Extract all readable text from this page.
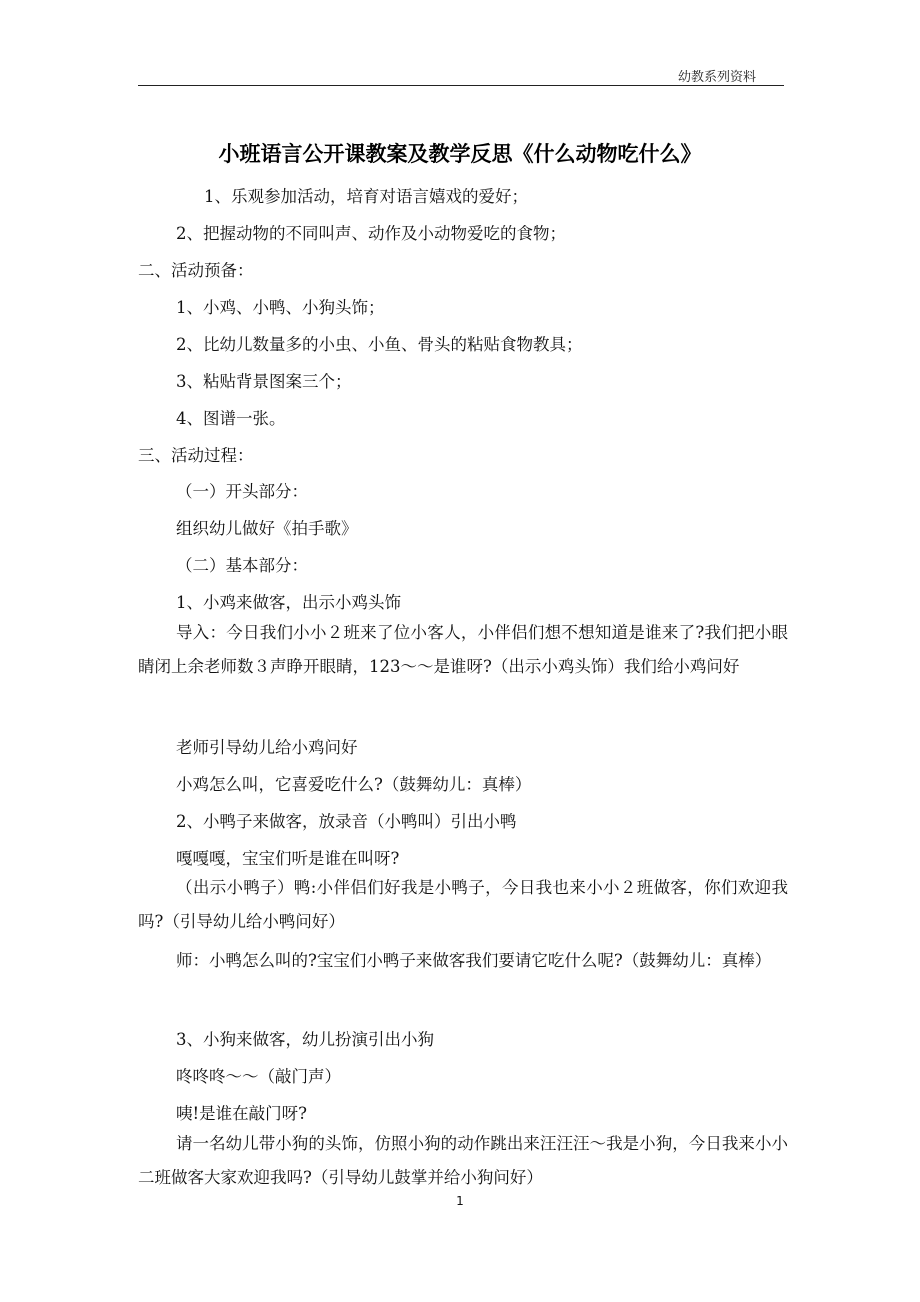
幼教系列资料
小班语言公开课教案及教学反思《什么动物吃什么》
1、乐观参加活动，培育对语言嬉戏的爱好；
2、把握动物的不同叫声、动作及小动物爱吃的食物；
二、活动预备：
1、小鸡、小鸭、小狗头饰；
2、比幼儿数量多的小虫、小鱼、骨头的粘贴食物教具；
3、粘贴背景图案三个；
4、图谱一张。
三、活动过程：
（一）开头部分：
组织幼儿做好《拍手歌》
（二）基本部分：
1、小鸡来做客，出示小鸡头饰
导入：今日我们小小２班来了位小客人，小伴侣们想不想知道是谁来了?我们把小眼睛闭上余老师数３声睁开眼睛，123～～是谁呀?（出示小鸡头饰）我们给小鸡问好
老师引导幼儿给小鸡问好
小鸡怎么叫，它喜爱吃什么?（鼓舞幼儿：真棒）
2、小鸭子来做客，放录音（小鸭叫）引出小鸭
嘎嘎嘎，宝宝们听是谁在叫呀?
（出示小鸭子）鸭:小伴侣们好我是小鸭子，今日我也来小小２班做客，你们欢迎我吗?（引导幼儿给小鸭问好）
师：小鸭怎么叫的?宝宝们小鸭子来做客我们要请它吃什么呢?（鼓舞幼儿：真棒）
3、小狗来做客，幼儿扮演引出小狗
咚咚咚～～（敲门声）
咦!是谁在敲门呀?
请一名幼儿带小狗的头饰，仿照小狗的动作跳出来汪汪汪～我是小狗，今日我来小小二班做客大家欢迎我吗?（引导幼儿鼓掌并给小狗问好）
1
